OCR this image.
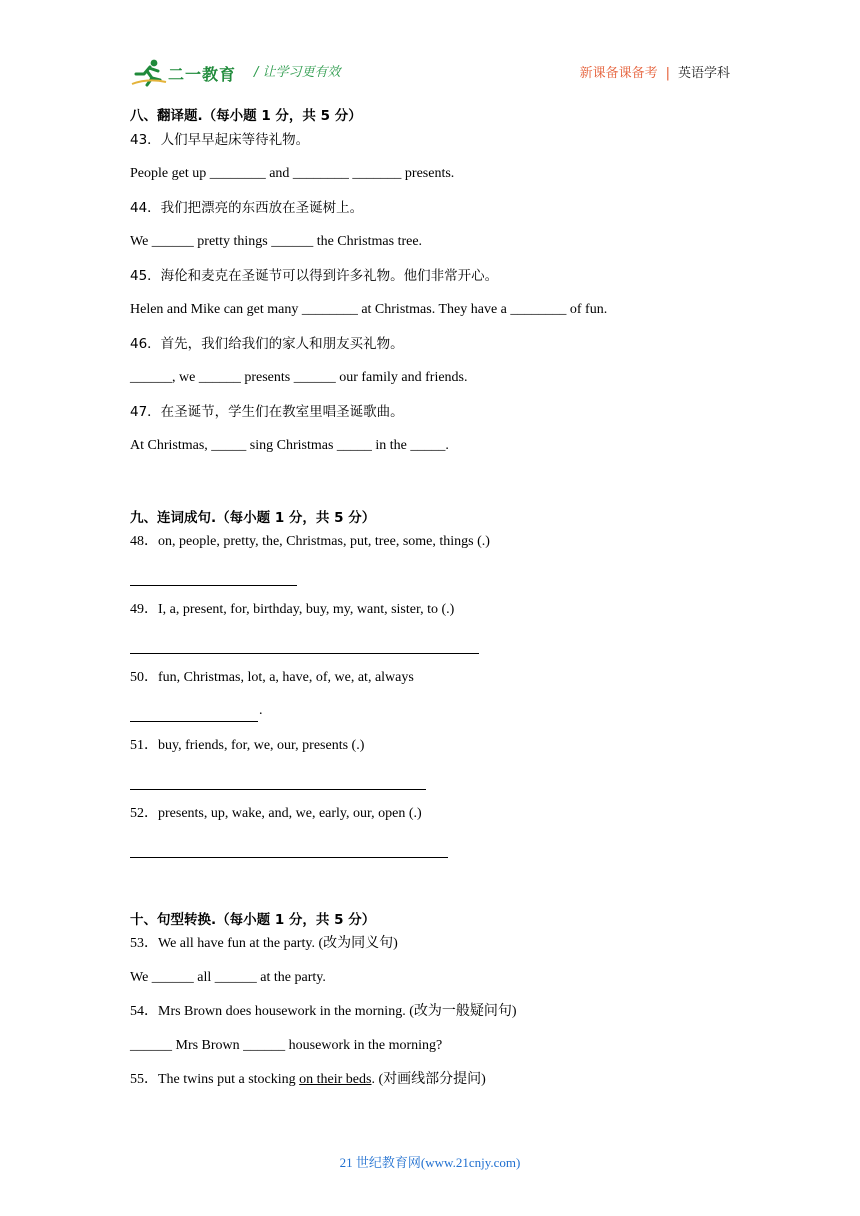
二一教育 / 让学习更有效	新课备课备考 | 英语学科
八、翻译题.（每小题 1 分，共 5 分）
43．人们早早起床等待礼物。
People get up ________ and ________ _______ presents.
44．我们把漂亮的东西放在圣诞树上。
We ______ pretty things ______ the Christmas tree.
45．海伦和麦克在圣诞节可以得到许多礼物。他们非常开心。
Helen and Mike can get many ________ at Christmas. They have a ________ of fun.
46．首先，我们给我们的家人和朋友买礼物。
______, we ______ presents ______ our family and friends.
47．在圣诞节，学生们在教室里唱圣诞歌曲。
At Christmas, _____ sing Christmas _____ in the _____.
九、连词成句.（每小题 1 分，共 5 分）
48．on, people, pretty, the, Christmas, put, tree, some, things (.)
49．I, a, present, for, birthday, buy, my, want, sister, to (.)
50．fun, Christmas, lot, a, have, of, we, at, always
.
51．buy, friends, for, we, our, presents (.)
52．presents, up, wake, and, we, early, our, open (.)
十、句型转换.（每小题 1 分，共 5 分）
53．We all have fun at the party. (改为同义句)
We ______ all ______ at the party.
54．Mrs Brown does housework in the morning. (改为一般疑问句)
______ Mrs Brown ______ housework in the morning?
55．The twins put a stocking on their beds. (对画线部分提问)
21 世纪教育网(www.21cnjy.com)
